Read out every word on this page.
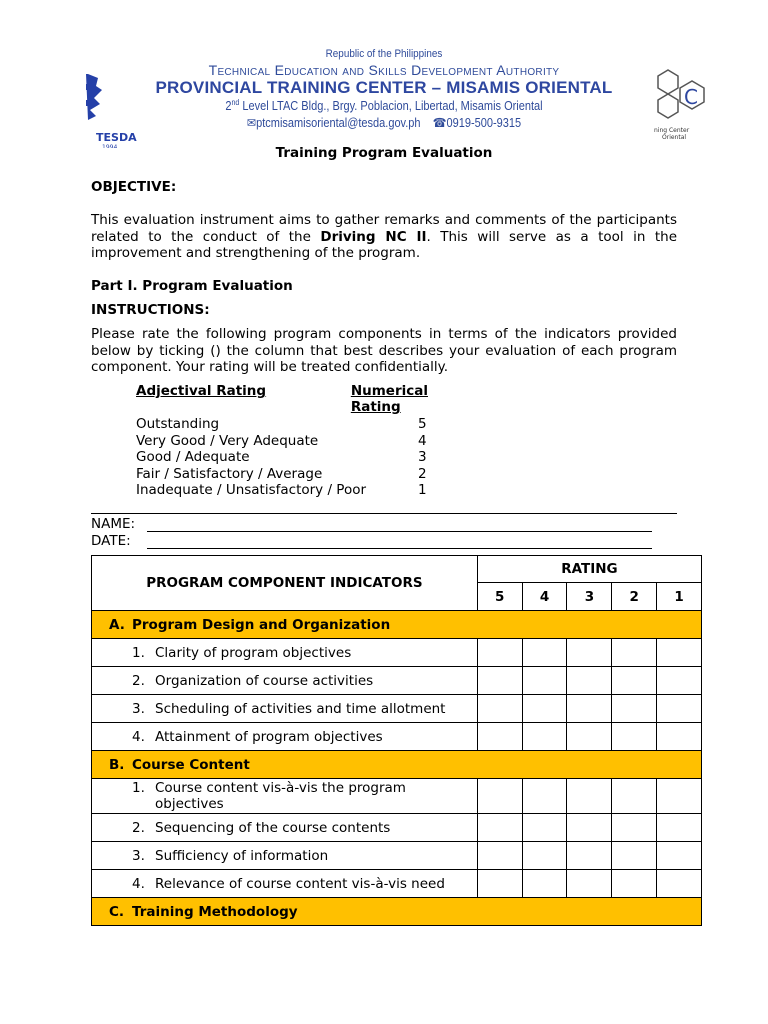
TESDA
1994
Republic of the Philippines
Technical Education and Skills Development Authority
PROVINCIAL TRAINING CENTER – MISAMIS ORIENTAL
2nd Level LTAC Bldg., Brgy. Poblacion, Libertad, Misamis Oriental
✉ptcmisamisoriental@tesda.gov.ph ☎0919-500-9315
C
ning Center
Oriental
Training Program Evaluation
OBJECTIVE:
This evaluation instrument aims to gather remarks and comments of the participants related to the conduct of the Driving NC II. This will serve as a tool in the improvement and strengthening of the program.
Part I. Program Evaluation
INSTRUCTIONS:
Please rate the following program components in terms of the indicators provided below by ticking () the column that best describes your evaluation of each program component. Your rating will be treated confidentially.
Adjectival Rating	Numerical Rating
Outstanding	5
Very Good / Very Adequate	4
Good / Adequate	3
Fair / Satisfactory / Average	2
Inadequate / Unsatisfactory / Poor	1
NAME:
DATE:
PROGRAM COMPONENT INDICATORS	RATING				
	5	4	3	2	1
A. Program Design and Organization					
1. Clarity of program objectives					
2. Organization of course activities					
3. Scheduling of activities and time allotment					
4. Attainment of program objectives					
B. Course Content					

1. Course content vis-à-vis the program objectives					

2. Sequencing of the course contents					
3. Sufficiency of information					
4. Relevance of course content vis-à-vis need					
C. Training Methodology					
